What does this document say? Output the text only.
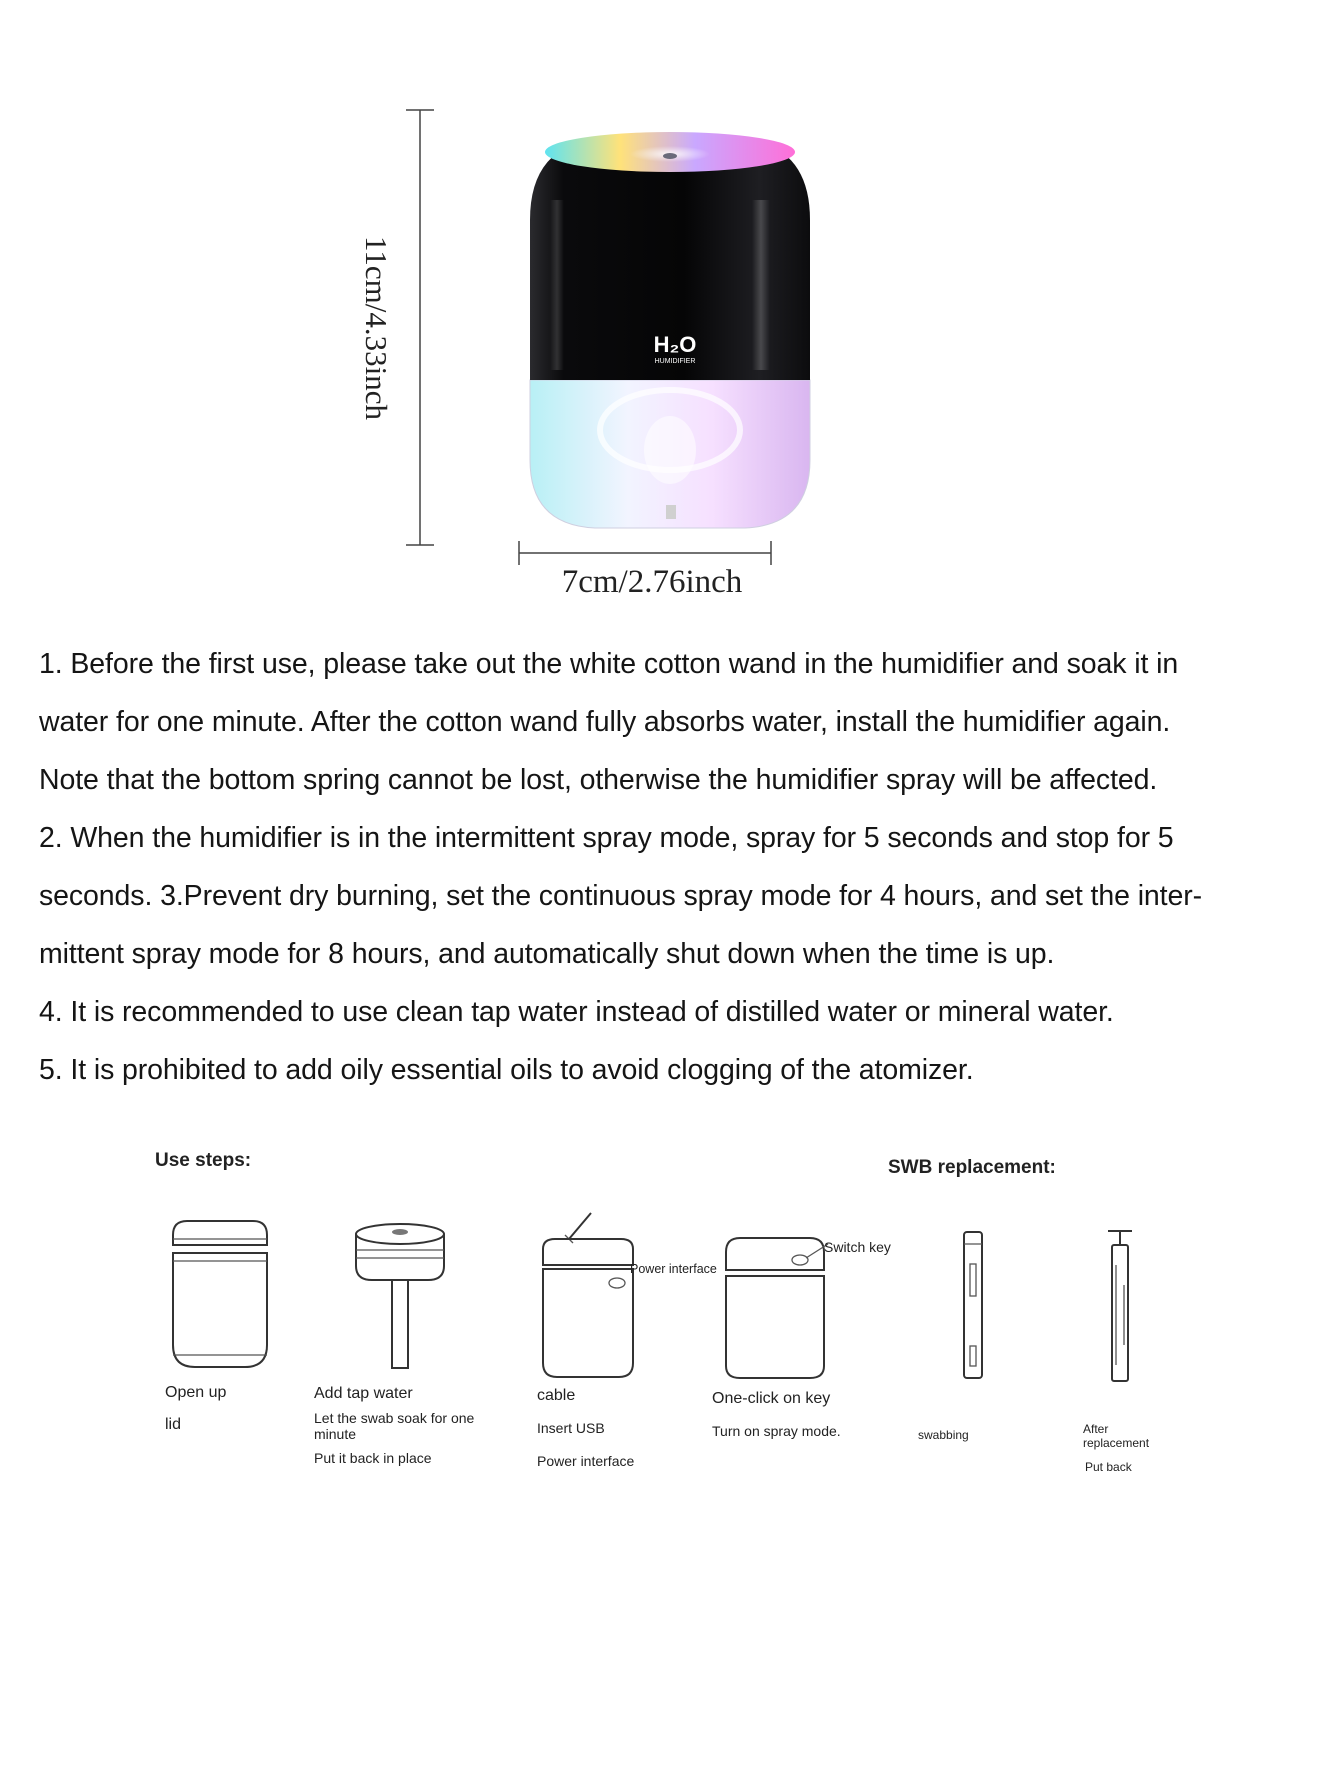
11cm/4.33inch
7cm/2.76inch
H₂O
HUMIDIFIER
1. Before the first use, please take out the white cotton wand in the humidifier and soak it in
water for one minute. After the cotton wand fully absorbs water, install the humidifier again.
Note that the bottom spring cannot be lost, otherwise the humidifier spray will be affected.
2. When the humidifier is in the intermittent spray mode, spray for 5 seconds and stop for 5
seconds. 3.Prevent dry burning, set the continuous spray mode for 4 hours, and set the inter-
mittent spray mode for 8 hours, and automatically shut down when the time is up.
4. It is recommended to use clean tap water instead of distilled water or mineral water.
5. It is prohibited to add oily essential oils to avoid clogging of the atomizer.
Use steps:	SWB replacement:
Power interface
Switch key
Open up
lid
Add tap water
Let the swab soak for one minute
Put it back in place
cable
Insert USB
Power interface
One-click on key
Turn on spray mode.	swabbing	After replacement
Put back
